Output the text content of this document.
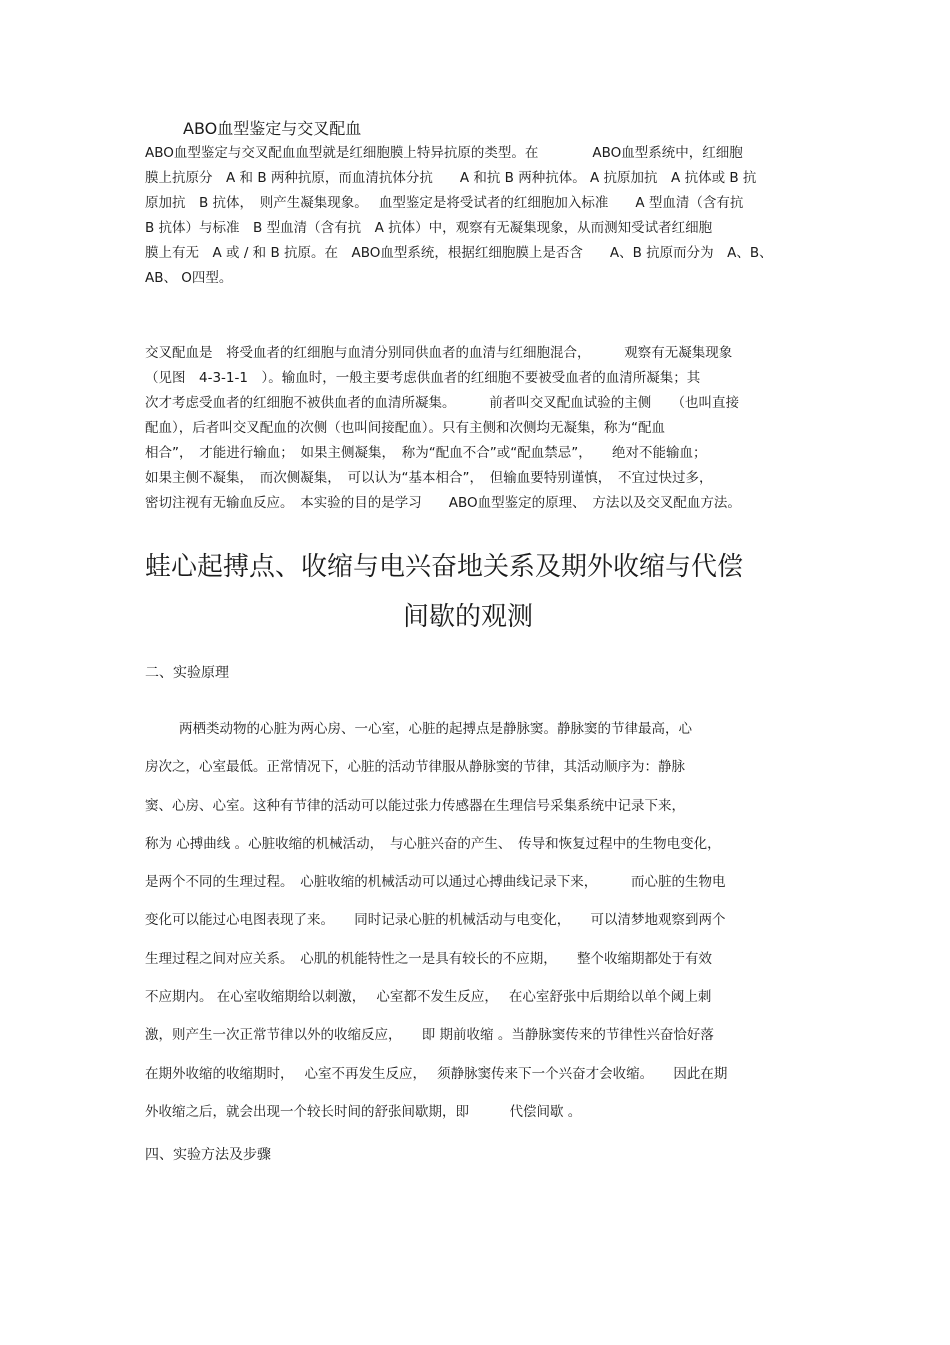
ABO血型鉴定与交叉配血
ABO血型鉴定与交叉配血血型就是红细胞膜上特异抗原的类型。在　　　　ABO血型系统中，红细胞
膜上抗原分　A 和 B 两种抗原，而血清抗体分抗　　A 和抗 B 两种抗体。 A 抗原加抗　A 抗体或 B 抗
原加抗　B 抗体，　则产生凝集现象。　 血型鉴定是将受试者的红细胞加入标准　　A 型血清（含有抗
B 抗体）与标准　B 型血清（含有抗　A 抗体）中，观察有无凝集现象，从而测知受试者红细胞
膜上有无　A 或 / 和 B 抗原。在　ABO血型系统，根据红细胞膜上是否含　　A、B 抗原而分为　A、B、
AB、 O四型。
交叉配血是　将受血者的红细胞与血清分别同供血者的血清与红细胞混合，　　　观察有无凝集现象
（见图　4-3-1-1　）。输血时，一般主要考虑供血者的红细胞不要被受血者的血清所凝集；其
次才考虑受血者的红细胞不被供血者的血清所凝集。　　　前者叫交叉配血试验的主侧　　（也叫直接
配血），后者叫交叉配血的次侧（也叫间接配血）。只有主侧和次侧均无凝集，称为“配血
相合”，　才能进行输血；　如果主侧凝集，　称为“配血不合”或“配血禁忌”，　　绝对不能输血；
如果主侧不凝集，　而次侧凝集，　可以认为“基本相合”，　但输血要特别谨慎，　不宜过快过多，
密切注视有无输血反应。　本实验的目的是学习　　ABO血型鉴定的原理、　方法以及交叉配血方法。
蛙心起搏点、收缩与电兴奋地关系及期外收缩与代偿
间歇的观测
二、实验原理
两栖类动物的心脏为两心房、一心室，心脏的起搏点是静脉窦。静脉窦的节律最高，心
房次之，心室最低。正常情况下，心脏的活动节律服从静脉窦的节律，其活动顺序为：静脉
窦、心房、心室。这种有节律的活动可以能过张力传感器在生理信号采集系统中记录下来，
称为 心搏曲线 。心脏收缩的机械活动，　与心脏兴奋的产生、　传导和恢复过程中的生物电变化，
是两个不同的生理过程。　心脏收缩的机械活动可以通过心搏曲线记录下来，　　　而心脏的生物电
变化可以能过心电图表现了来。　　同时记录心脏的机械活动与电变化，　　可以清梦地观察到两个
生理过程之间对应关系。　心肌的机能特性之一是具有较长的不应期，　　整个收缩期都处于有效
不应期内。 在心室收缩期给以刺激，　 心室都不发生反应，　 在心室舒张中后期给以单个阈上刺
激，则产生一次正常节律以外的收缩反应，　　即 期前收缩 。当静脉窦传来的节律性兴奋恰好落
在期外收缩的收缩期时，　 心室不再发生反应，　 须静脉窦传来下一个兴奋才会收缩。　　因此在期
外收缩之后，就会出现一个较长时间的舒张间歇期，即　　　代偿间歇 。
四、实验方法及步骤
